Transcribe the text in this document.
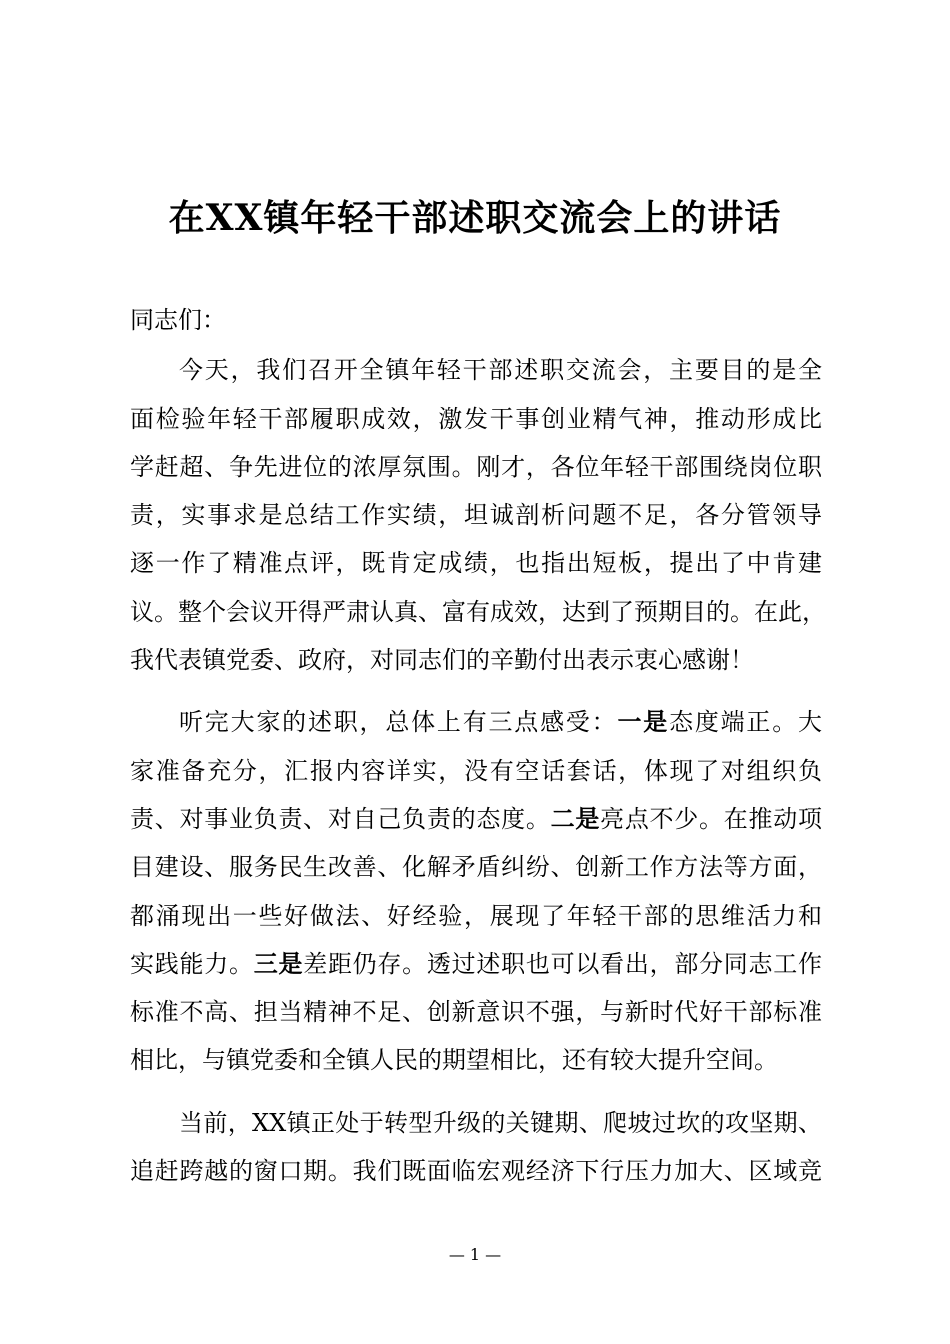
在XX镇年轻干部述职交流会上的讲话
同志们：
今天，我们召开全镇年轻干部述职交流会，主要目的是全
面检验年轻干部履职成效，激发干事创业精气神，推动形成比
学赶超、争先进位的浓厚氛围。刚才，各位年轻干部围绕岗位职
责，实事求是总结工作实绩，坦诚剖析问题不足，各分管领导
逐一作了精准点评，既肯定成绩，也指出短板，提出了中肯建
议。整个会议开得严肃认真、富有成效，达到了预期目的。在此，
我代表镇党委、政府，对同志们的辛勤付出表示衷心感谢！
听完大家的述职，总体上有三点感受：一是态度端正。大
家准备充分，汇报内容详实，没有空话套话，体现了对组织负
责、对事业负责、对自己负责的态度。二是亮点不少。在推动项
目建设、服务民生改善、化解矛盾纠纷、创新工作方法等方面，
都涌现出一些好做法、好经验，展现了年轻干部的思维活力和
实践能力。三是差距仍存。透过述职也可以看出，部分同志工作
标准不高、担当精神不足、创新意识不强，与新时代好干部标准
相比，与镇党委和全镇人民的期望相比，还有较大提升空间。
当前，XX镇正处于转型升级的关键期、爬坡过坎的攻坚期、
追赶跨越的窗口期。我们既面临宏观经济下行压力加大、区域竞
— 1 —
